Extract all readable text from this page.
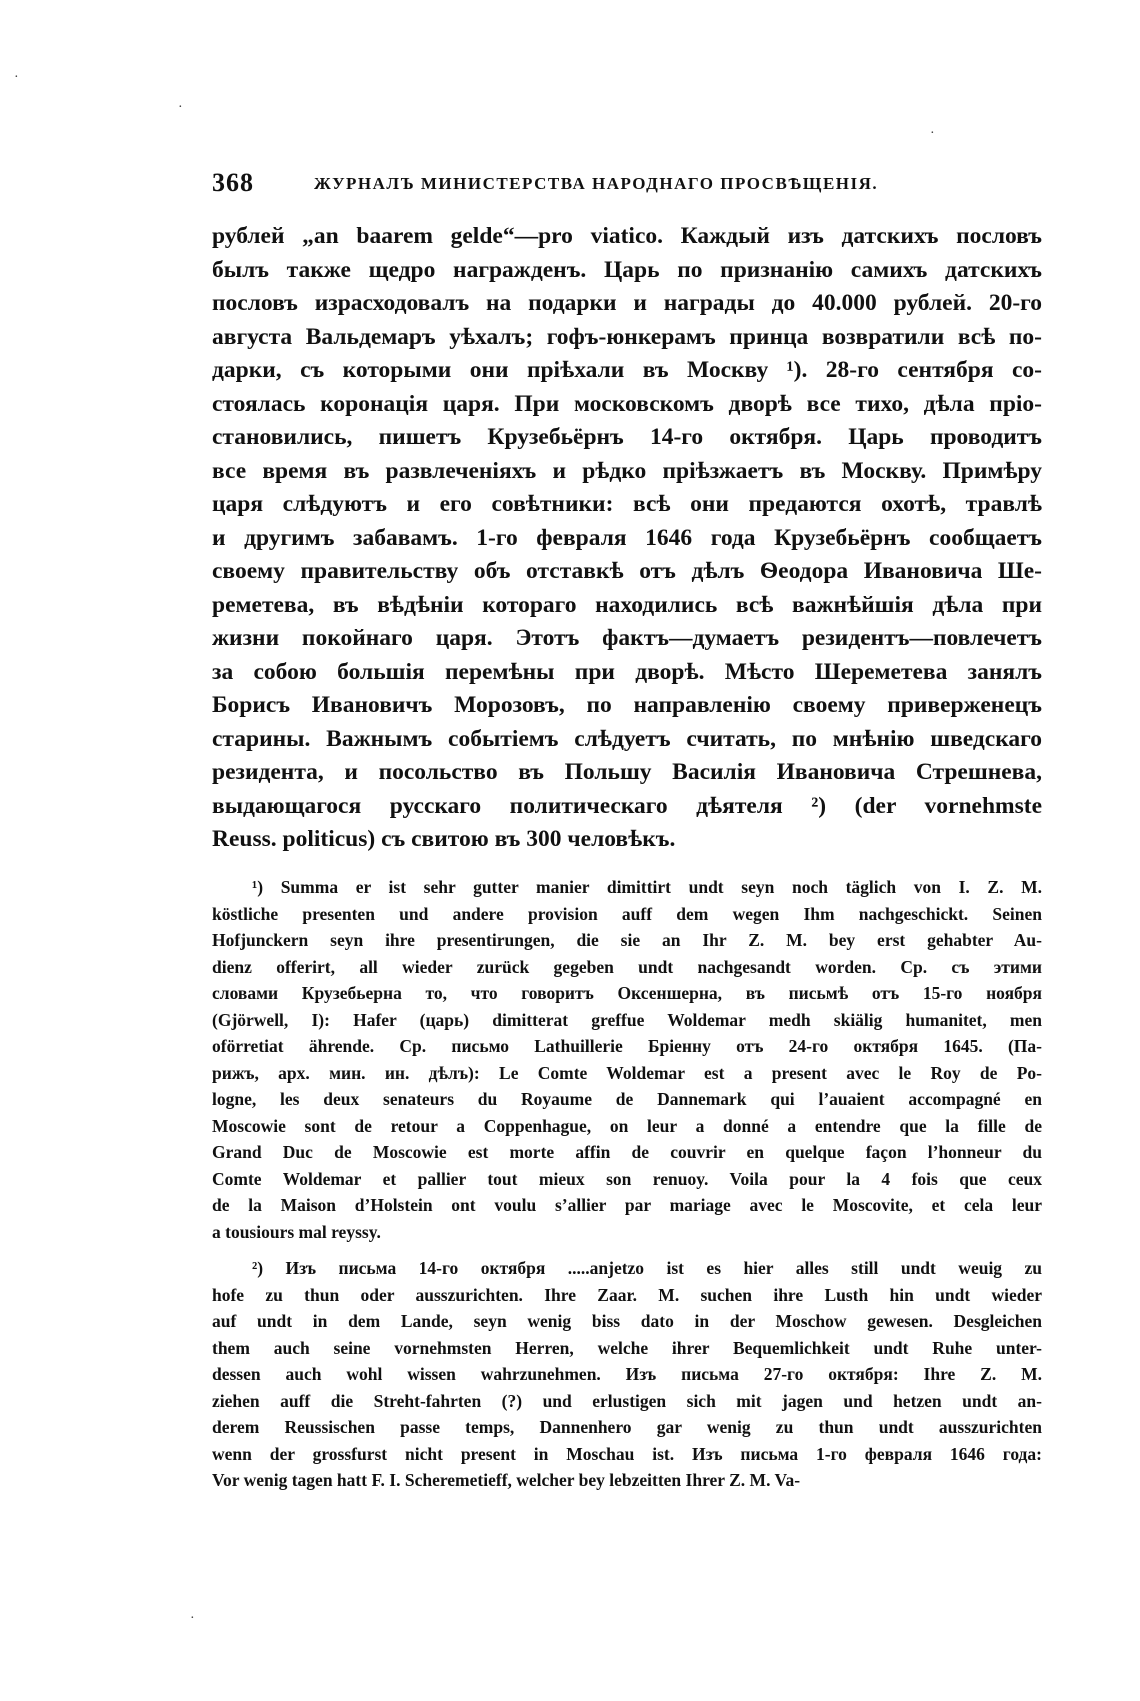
·
·
·
·
368	ЖУРНАЛЪ МИНИСТЕРСТВА НАРОДНАГО ПРОСВѢЩЕНІЯ.
рублей „an baarem gelde“—pro viatico. Каждый изъ датскихъ пословъ
былъ также щедро награжденъ. Царь по признанію самихъ датскихъ
пословъ израсходовалъ на подарки и награды до 40.000 рублей. 20-го
августа Вальдемаръ уѣхалъ; гофъ-юнкерамъ принца возвратили всѣ по-
дарки, съ которыми они пріѣхали въ Москву ¹). 28-го сентября со-
стоялась коронація царя. При московскомъ дворѣ все тихо, дѣла пріо-
становились, пишетъ Крузебьёрнъ 14-го октября. Царь проводитъ
все время въ развлеченіяхъ и рѣдко пріѣзжаетъ въ Москву. Примѣру
царя слѣдуютъ и его совѣтники: всѣ они предаются охотѣ, травлѣ
и другимъ забавамъ. 1-го февраля 1646 года Крузебьёрнъ сообщаетъ
своему правительству объ отставкѣ отъ дѣлъ Ѳеодора Ивановича Ше-
реметева, въ вѣдѣніи котораго находились всѣ важнѣйшія дѣла при
жизни покойнаго царя. Этотъ фактъ—думаетъ резидентъ—повлечетъ
за собою большія перемѣны при дворѣ. Мѣсто Шереметева занялъ
Борисъ Ивановичъ Морозовъ, по направленію своему приверженецъ
старины. Важнымъ событіемъ слѣдуетъ считать, по мнѣнію шведскаго
резидента, и посольство въ Польшу Василія Ивановича Стрешнева,
выдающагося русскаго политическаго дѣятеля ²) (der vornehmste
Reuss. politicus) съ свитою въ 300 человѣкъ.
¹) Summa er ist sehr gutter manier dimittirt undt seyn noch täglich von I. Z. M.
köstliche presenten und andere provision auff dem wegen Ihm nachgeschickt. Seinen
Hofjunckern seyn ihre presentirungen, die sie an Ihr Z. M. bey erst gehabter Au-
dienz offerirt, all wieder zurück gegeben undt nachgesandt worden. Ср. съ этими
словами Крузебьерна то, что говоритъ Оксеншерна, въ письмѣ отъ 15-го ноября
(Gjörwell, I): Hafer (царь) dimitterat greffue Woldemar medh skiälig humanitet, men
oförretiat ährende. Ср. письмо Lathuillerie Бріенну отъ 24-го октября 1645. (Па-
рижъ, арх. мин. ин. дѣлъ): Le Comte Woldemar est a present avec le Roy de Po-
logne, les deux senateurs du Royaume de Dannemark qui l’auaient accompagné en
Moscowie sont de retour a Coppenhague, on leur a donné a entendre que la fille de
Grand Duc de Moscowie est morte affin de couvrir en quelque façon l’honneur du
Comte Woldemar et pallier tout mieux son renuoy. Voila pour la 4 fois que ceux
de la Maison d’Holstein ont voulu s’allier par mariage avec le Moscovite, et cela leur
a tousiours mal reyssy.
²) Изъ письма 14-го октября .....anjetzo ist es hier alles still undt weuig zu
hofe zu thun oder ausszurichten. Ihre Zaar. M. suchen ihre Lusth hin undt wieder
auf undt in dem Lande, seyn wenig biss dato in der Moschow gewesen. Desgleichen
them auch seine vornehmsten Herren, welche ihrer Bequemlichkeit undt Ruhe unter-
dessen auch wohl wissen wahrzunehmen. Изъ письма 27-го октября: Ihre Z. M.
ziehen auff die Streht-fahrten (?) und erlustigen sich mit jagen und hetzen undt an-
derem Reussischen passe temps, Dannenhero gar wenig zu thun undt ausszurichten
wenn der grossfurst nicht present in Moschau ist. Изъ письма 1-го февраля 1646 года:
Vor wenig tagen hatt F. I. Scheremetieff, welcher bey lebzeitten Ihrer Z. M. Va-
